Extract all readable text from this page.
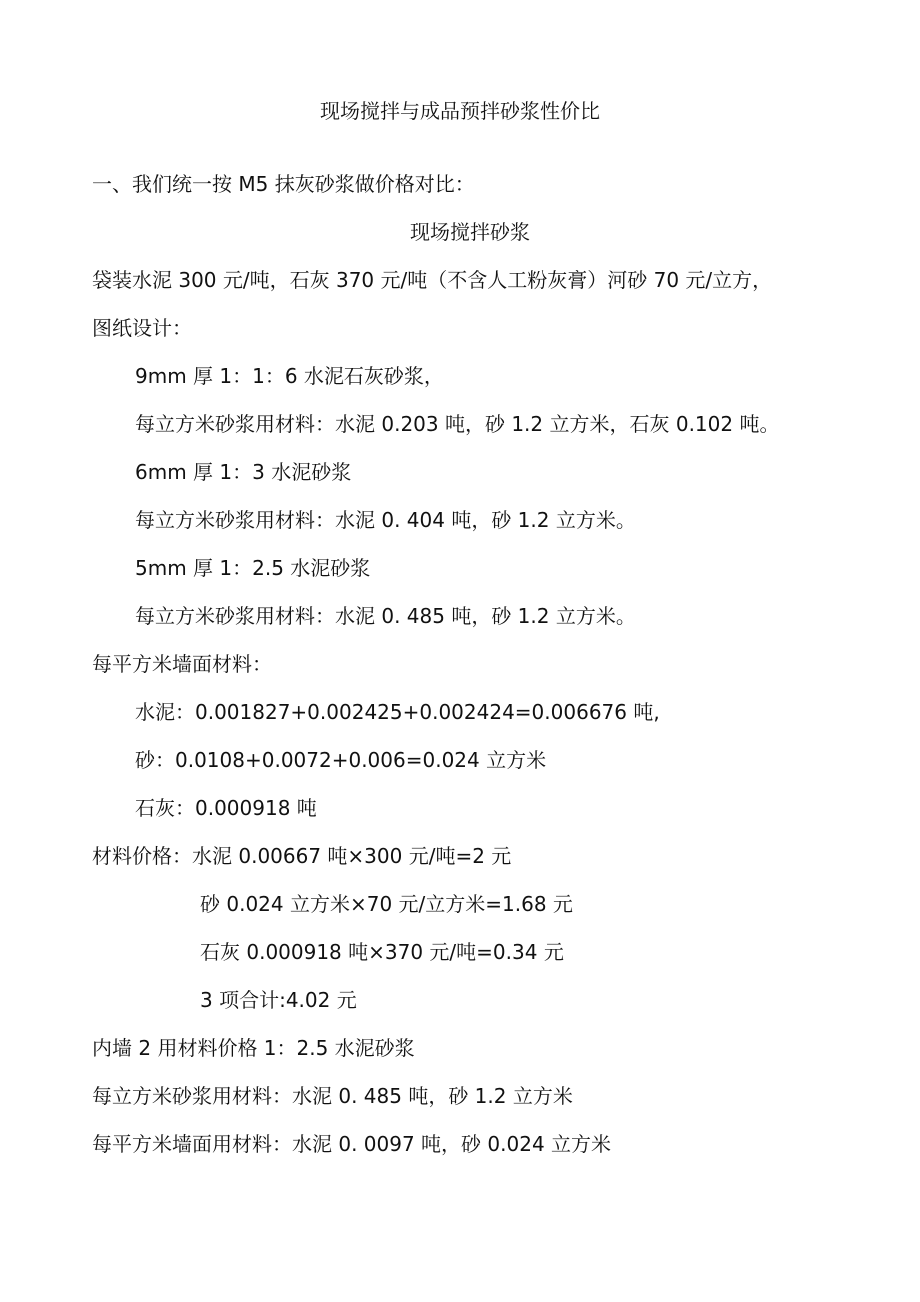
现场搅拌与成品预拌砂浆性价比
一、我们统一按 M5 抹灰砂浆做价格对比：
现场搅拌砂浆
袋装水泥 300 元/吨，石灰 370 元/吨（不含人工粉灰膏）河砂 70 元/立方，
图纸设计：
9mm 厚 1：1：6 水泥石灰砂浆，
每立方米砂浆用材料：水泥 0.203 吨，砂 1.2 立方米，石灰 0.102 吨。
6mm 厚 1：3 水泥砂浆
每立方米砂浆用材料：水泥 0. 404 吨，砂 1.2 立方米。
5mm 厚 1：2.5 水泥砂浆
每立方米砂浆用材料：水泥 0. 485 吨，砂 1.2 立方米。
每平方米墙面材料：
水泥：0.001827+0.002425+0.002424=0.006676 吨,
砂：0.0108+0.0072+0.006=0.024 立方米
石灰：0.000918 吨
材料价格：水泥 0.00667 吨×300 元/吨=2 元
砂 0.024 立方米×70 元/立方米=1.68 元
石灰 0.000918 吨×370 元/吨=0.34 元
3 项合计:4.02 元
内墙 2 用材料价格 1：2.5 水泥砂浆
每立方米砂浆用材料：水泥 0. 485 吨，砂 1.2 立方米
每平方米墙面用材料：水泥 0. 0097 吨，砂 0.024 立方米
